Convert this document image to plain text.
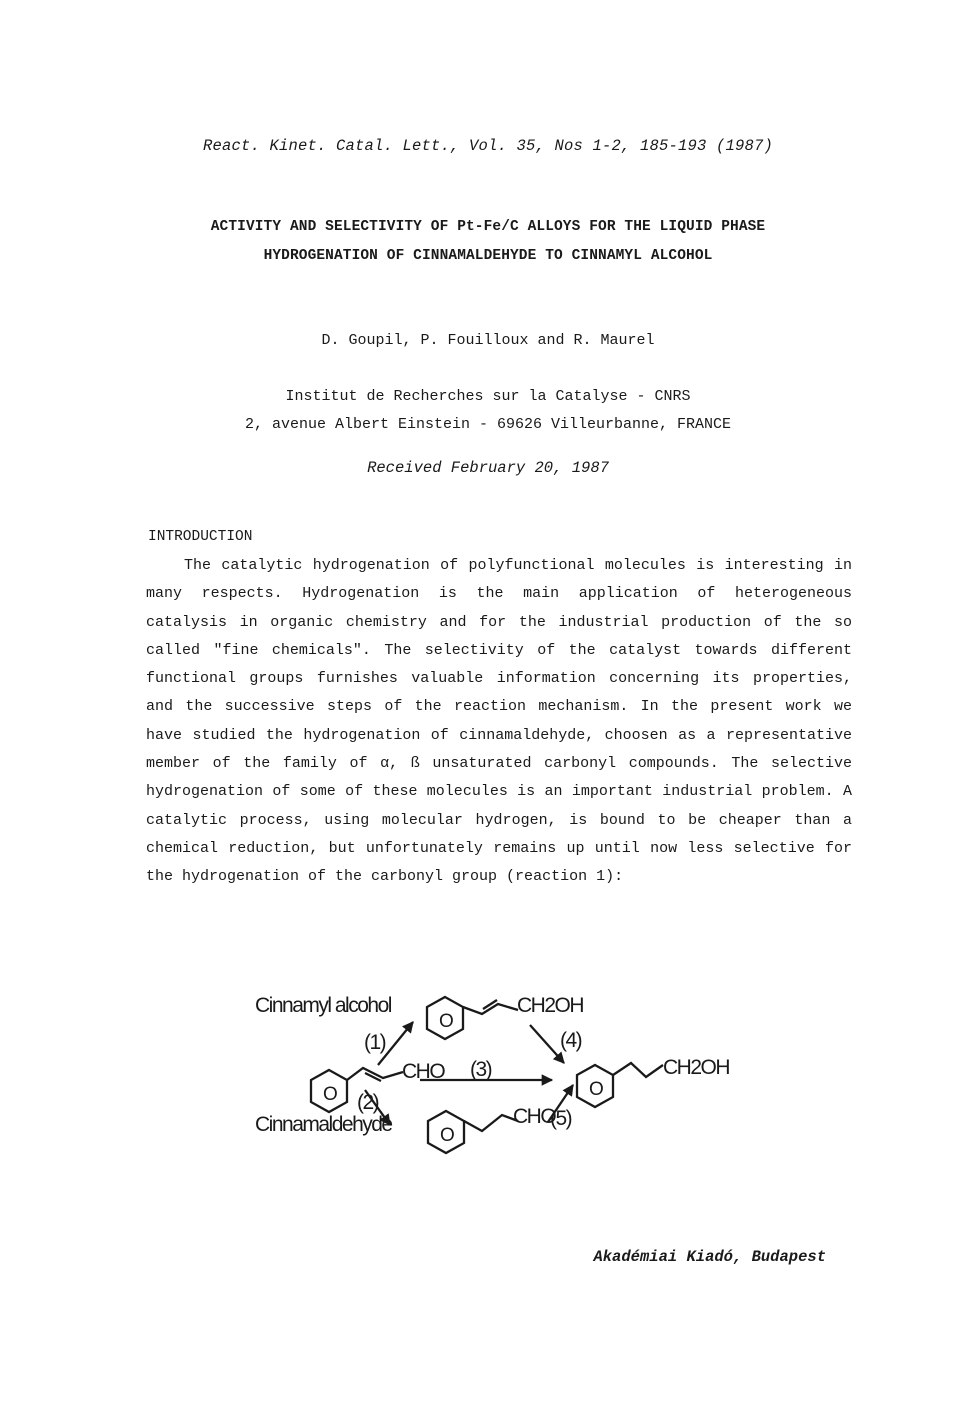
React. Kinet. Catal. Lett., Vol. 35, Nos 1-2, 185-193 (1987)
ACTIVITY AND SELECTIVITY OF Pt-Fe/C ALLOYS FOR THE LIQUID PHASE
HYDROGENATION OF CINNAMALDEHYDE TO CINNAMYL ALCOHOL
D. Goupil, P. Fouilloux and R. Maurel
Institut de Recherches sur la Catalyse - CNRS
2, avenue Albert Einstein - 69626 Villeurbanne, FRANCE
Received February 20, 1987
INTRODUCTION
The catalytic hydrogenation of polyfunctional molecules is interesting in many respects. Hydrogenation is the main application of heterogeneous catalysis in organic chemistry and for the industrial production of the so called "fine chemicals". The selectivity of the catalyst towards different functional groups furnishes valuable information concerning its properties, and the successive steps of the reaction mechanism. In the present work we have studied the hydrogenation of cinnamaldehyde, choosen as a representative member of the family of α, ß unsaturated carbonyl compounds. The selective hydrogenation of some of these molecules is an important industrial problem. A catalytic process, using molecular hydrogen, is bound to be cheaper than a chemical reduction, but unfortunately remains up until now less selective for the hydrogenation of the carbonyl group (reaction 1):
Cinnamyl alcohol
Cinnamaldehyde
O
CH2OH
O
CHO
O
CHO
O
CH2OH
(1)
(2)
(3)
(4)
(5)
Akadémiai Kiadó, Budapest
